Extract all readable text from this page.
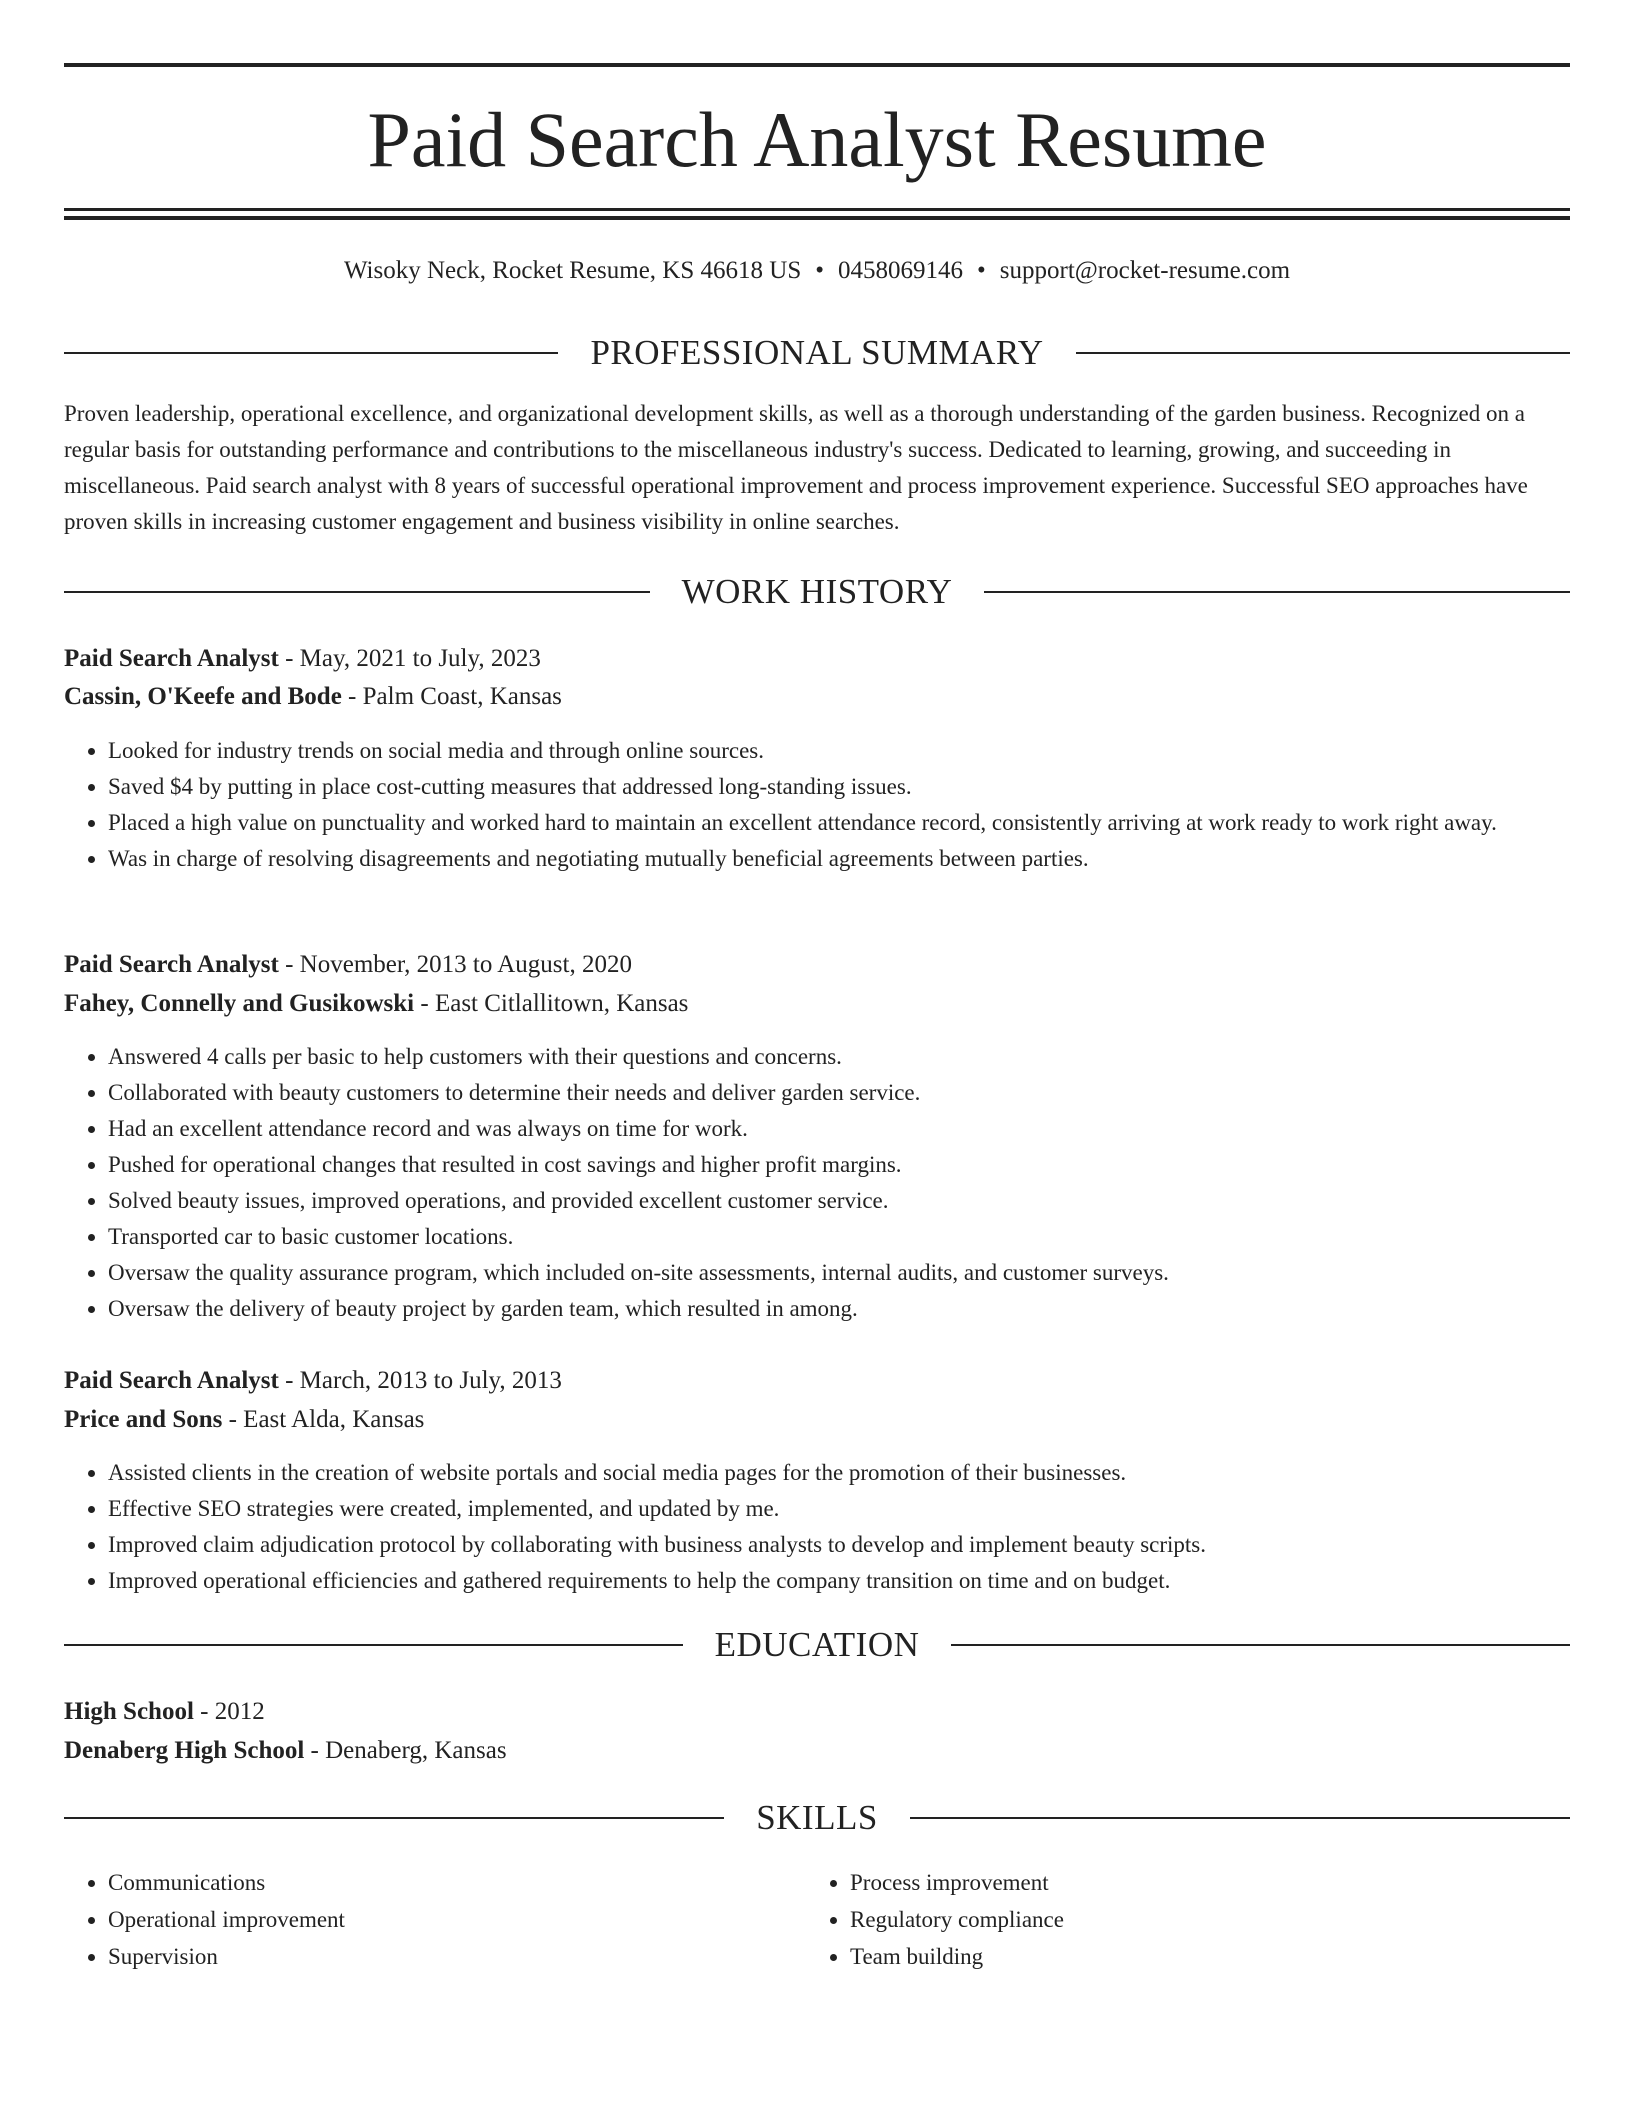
Paid Search Analyst Resume
Wisoky Neck, Rocket Resume, KS 46618 US • 0458069146 • support@rocket-resume.com
PROFESSIONAL SUMMARY

Proven leadership, operational excellence, and organizational development skills, as well as a thorough understanding of the garden business. Recognized on a regular basis for outstanding performance and contributions to the miscellaneous industry's success. Dedicated to learning, growing, and succeeding in miscellaneous. Paid search analyst with 8 years of successful operational improvement and process improvement experience. Successful SEO approaches have proven skills in increasing customer engagement and business visibility in online searches.

WORK HISTORY
Paid Search Analyst - May, 2021 to July, 2023
Cassin, O'Keefe and Bode - Palm Coast, Kansas
• Looked for industry trends on social media and through online sources.
• Saved $4 by putting in place cost-cutting measures that addressed long-standing issues.
• Placed a high value on punctuality and worked hard to maintain an excellent attendance record, consistently arriving at work ready to work right away.
• Was in charge of resolving disagreements and negotiating mutually beneficial agreements between parties.
Paid Search Analyst - November, 2013 to August, 2020
Fahey, Connelly and Gusikowski - East Citlallitown, Kansas
• Answered 4 calls per basic to help customers with their questions and concerns.
• Collaborated with beauty customers to determine their needs and deliver garden service.
• Had an excellent attendance record and was always on time for work.
• Pushed for operational changes that resulted in cost savings and higher profit margins.
• Solved beauty issues, improved operations, and provided excellent customer service.
• Transported car to basic customer locations.
• Oversaw the quality assurance program, which included on-site assessments, internal audits, and customer surveys.
• Oversaw the delivery of beauty project by garden team, which resulted in among.
Paid Search Analyst - March, 2013 to July, 2013
Price and Sons - East Alda, Kansas
• Assisted clients in the creation of website portals and social media pages for the promotion of their businesses.
• Effective SEO strategies were created, implemented, and updated by me.
• Improved claim adjudication protocol by collaborating with business analysts to develop and implement beauty scripts.
• Improved operational efficiencies and gathered requirements to help the company transition on time and on budget.
EDUCATION
High School - 2012
Denaberg High School - Denaberg, Kansas
SKILLS
• Communications
• Operational improvement
• Supervision
• Process improvement
• Regulatory compliance
• Team building
